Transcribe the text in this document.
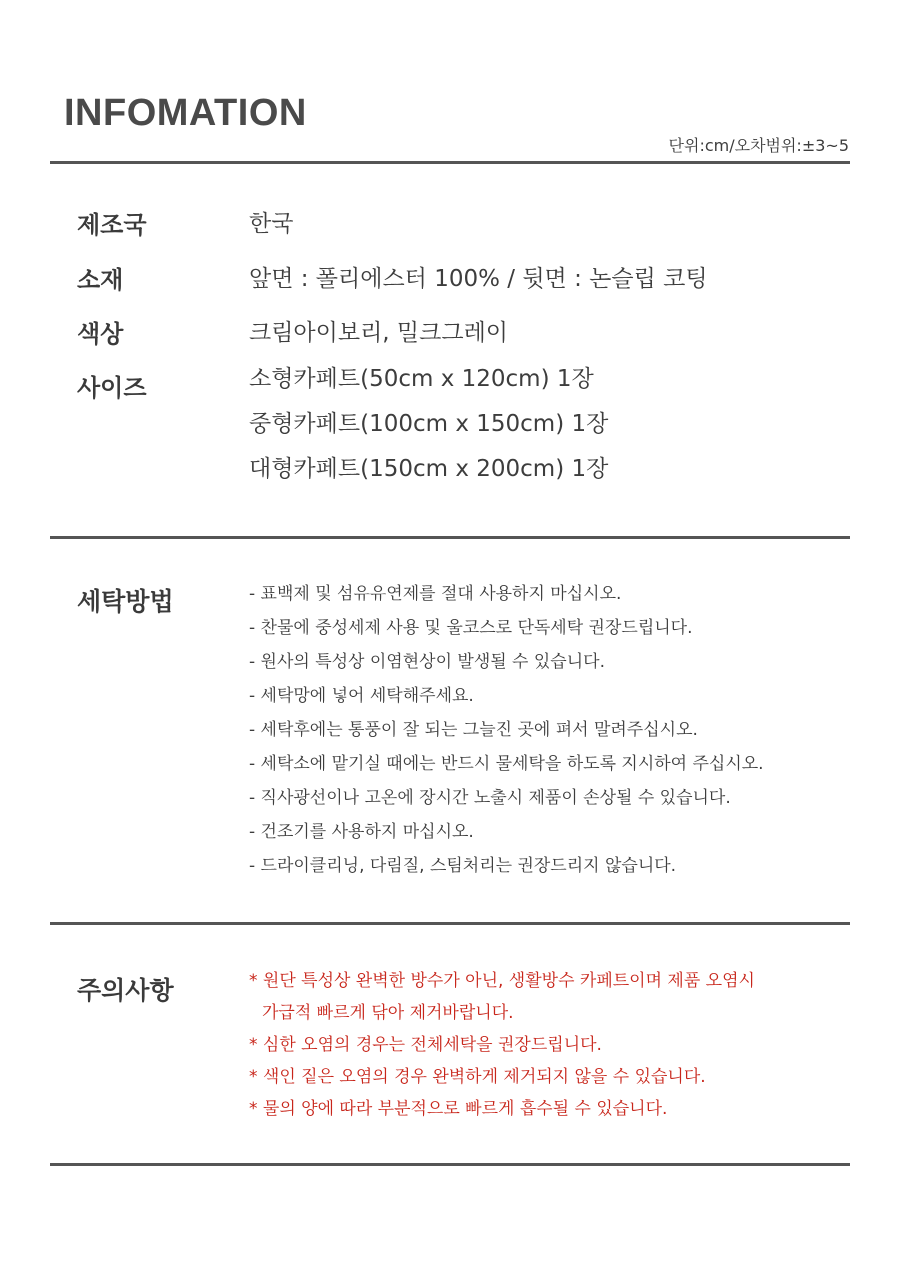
INFOMATION
단위:cm/오차범위:±3~5
제조국	한국
소재	앞면 : 폴리에스터 100% / 뒷면 : 논슬립 코팅
색상	크림아이보리, 밀크그레이
사이즈	소형카페트(50cm x 120cm) 1장
중형카페트(100cm x 150cm) 1장
대형카페트(150cm x 200cm) 1장
세탁방법	- 표백제 및 섬유유연제를 절대 사용하지 마십시오.
- 찬물에 중성세제 사용 및 울코스로 단독세탁 권장드립니다.
- 원사의 특성상 이염현상이 발생될 수 있습니다.
- 세탁망에 넣어 세탁해주세요.
- 세탁후에는 통풍이 잘 되는 그늘진 곳에 펴서 말려주십시오.
- 세탁소에 맡기실 때에는 반드시 물세탁을 하도록 지시하여 주십시오.
- 직사광선이나 고온에 장시간 노출시 제품이 손상될 수 있습니다.
- 건조기를 사용하지 마십시오.
- 드라이클리닝, 다림질, 스팀처리는 권장드리지 않습니다.
주의사항	* 원단 특성상 완벽한 방수가 아닌, 생활방수 카페트이며 제품 오염시
가급적 빠르게 닦아 제거바랍니다.
* 심한 오염의 경우는 전체세탁을 권장드립니다.
* 색인 짙은 오염의 경우 완벽하게 제거되지 않을 수 있습니다.
* 물의 양에 따라 부분적으로 빠르게 흡수될 수 있습니다.
